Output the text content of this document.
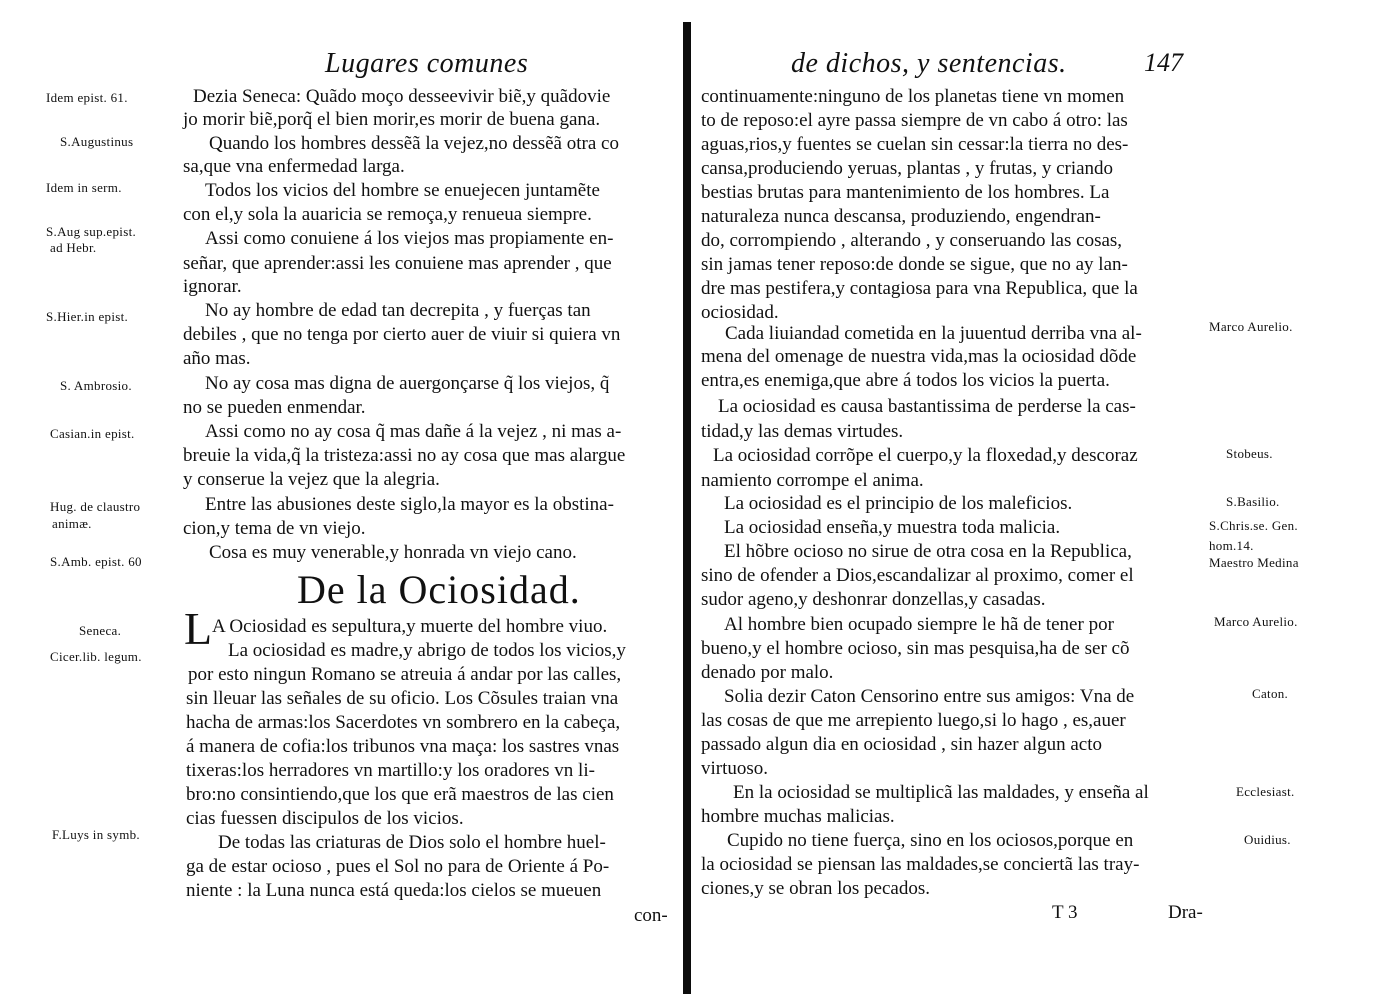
Lugares comunes
Dezia Seneca: Quãdo moço desseevivir biẽ,y quãdovie
jo morir biẽ,porq̃ el bien morir,es morir de buena gana.
Quando los hombres dessẽã la vejez,no dessẽã otra co
sa,que vna enfermedad larga.
Todos los vicios del hombre se enuejecen juntamẽte
con el,y sola la auaricia se remoça,y renueua siempre.
Assi como conuiene á los viejos mas propiamente en-
señar, que aprender:assi les conuiene mas aprender , que
ignorar.
No ay hombre de edad tan decrepita , y fuerças tan
debiles , que no tenga por cierto auer de viuir si quiera vn
año mas.
No ay cosa mas digna de auergonçarse q̃ los viejos, q̃
no se pueden enmendar.
Assi como no ay cosa q̃ mas dañe á la vejez , ni mas a-
breuie la vida,q̃ la tristeza:assi no ay cosa que mas alargue
y conserue la vejez que la alegria.
Entre las abusiones deste siglo,la mayor es la obstina-
cion,y tema de vn viejo.
Cosa es muy venerable,y honrada vn viejo cano.
De la Ociosidad.
L A Ociosidad es sepultura,y muerte del hombre viuo.
La ociosidad es madre,y abrigo de todos los vicios,y
por esto ningun Romano se atreuia á andar por las calles,
sin lleuar las señales de su oficio. Los Cõsules traian vna
hacha de armas:los Sacerdotes vn sombrero en la cabeça,
á manera de cofia:los tribunos vna maça: los sastres vnas
tixeras:los herradores vn martillo:y los oradores vn li-
bro:no consintiendo,que los que erã maestros de las cien
cias fuessen discipulos de los vicios.
De todas las criaturas de Dios solo el hombre huel-
ga de estar ocioso , pues el Sol no para de Oriente á Po-
niente : la Luna nunca está queda:los cielos se mueuen
con-
Idem epist. 61.
S.Augustinus
Idem in serm.
S.Aug sup.epist.
ad Hebr.
S.Hier.in epist.
S. Ambrosio.
Casian.in epist.
Hug. de claustro
animæ.
S.Amb. epist. 60
Seneca.
Cicer.lib. legum.
F.Luys in symb.
de dichos, y sentencias.	147
continuamente:ninguno de los planetas tiene vn momen
to de reposo:el ayre passa siempre de vn cabo á otro: las
aguas,rios,y fuentes se cuelan sin cessar:la tierra no des-
cansa,produciendo yeruas, plantas , y frutas, y criando
bestias brutas para mantenimiento de los hombres. La
naturaleza nunca descansa, produziendo, engendran-
do, corrompiendo , alterando , y conseruando las cosas,
sin jamas tener reposo:de donde se sigue, que no ay lan-
dre mas pestifera,y contagiosa para vna Republica, que la
ociosidad.
Cada liuiandad cometida en la juuentud derriba vna al-
mena del omenage de nuestra vida,mas la ociosidad dõde
entra,es enemiga,que abre á todos los vicios la puerta.
La ociosidad es causa bastantissima de perderse la cas-
tidad,y las demas virtudes.
La ociosidad corrõpe el cuerpo,y la floxedad,y descoraz
namiento corrompe el anima.
La ociosidad es el principio de los maleficios.
La ociosidad enseña,y muestra toda malicia.
El hõbre ocioso no sirue de otra cosa en la Republica,
sino de ofender a Dios,escandalizar al proximo, comer el
sudor ageno,y deshonrar donzellas,y casadas.
Al hombre bien ocupado siempre le hã de tener por
bueno,y el hombre ocioso, sin mas pesquisa,ha de ser cõ
denado por malo.
Solia dezir Caton Censorino entre sus amigos: Vna de
las cosas de que me arrepiento luego,si lo hago , es,auer
passado algun dia en ociosidad , sin hazer algun acto
virtuoso.
En la ociosidad se multiplicã las maldades, y enseña al
hombre muchas malicias.
Cupido no tiene fuerça, sino en los ociosos,porque en
la ociosidad se piensan las maldades,se conciertã las tray-
ciones,y se obran los pecados.
T 3	Dra-
Marco Aurelio.
Stobeus.
S.Basilio.
S.Chris.se. Gen.
hom.14.
Maestro Medina
Marco Aurelio.
Caton.
Ecclesiast.
Ouidius.
